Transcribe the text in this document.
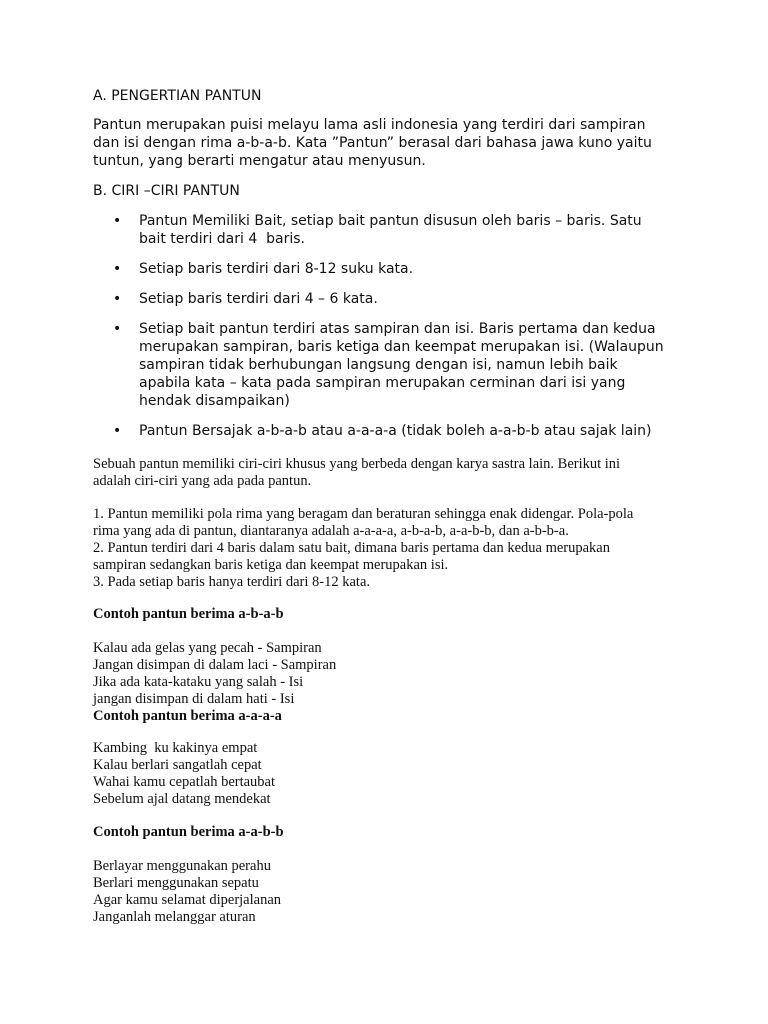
A. PENGERTIAN PANTUN

Pantun merupakan puisi melayu lama asli indonesia yang terdiri dari sampiran
dan isi dengan rima a-b-a-b. Kata ”Pantun” berasal dari bahasa jawa kuno yaitu
tuntun, yang berarti mengatur atau menyusun.

B. CIRI –CIRI PANTUN

• Pantun Memiliki Bait, setiap bait pantun disusun oleh baris – baris. Satu
bait terdiri dari 4  baris.
• Setiap baris terdiri dari 8-12 suku kata.
• Setiap baris terdiri dari 4 – 6 kata.
• Setiap bait pantun terdiri atas sampiran dan isi. Baris pertama dan kedua
merupakan sampiran, baris ketiga dan keempat merupakan isi. (Walaupun
sampiran tidak berhubungan langsung dengan isi, namun lebih baik
apabila kata – kata pada sampiran merupakan cerminan dari isi yang
hendak disampaikan)
• Pantun Bersajak a-b-a-b atau a-a-a-a (tidak boleh a-a-b-b atau sajak lain)
Sebuah pantun memiliki ciri-ciri khusus yang berbeda dengan karya sastra lain. Berikut ini
adalah ciri-ciri yang ada pada pantun.
1. Pantun memiliki pola rima yang beragam dan beraturan sehingga enak didengar. Pola-pola
rima yang ada di pantun, diantaranya adalah a-a-a-a, a-b-a-b, a-a-b-b, dan a-b-b-a.
2. Pantun terdiri dari 4 baris dalam satu bait, dimana baris pertama dan kedua merupakan
sampiran sedangkan baris ketiga dan keempat merupakan isi.
3. Pada setiap baris hanya terdiri dari 8-12 kata.
Contoh pantun berima a-b-a-b
Kalau ada gelas yang pecah - Sampiran
Jangan disimpan di dalam laci - Sampiran
Jika ada kata-kataku yang salah - Isi
jangan disimpan di dalam hati - Isi
Contoh pantun berima a-a-a-a
Kambing  ku kakinya empat
Kalau berlari sangatlah cepat
Wahai kamu cepatlah bertaubat
Sebelum ajal datang mendekat
Contoh pantun berima a-a-b-b
Berlayar menggunakan perahu
Berlari menggunakan sepatu
Agar kamu selamat diperjalanan
Janganlah melanggar aturan
